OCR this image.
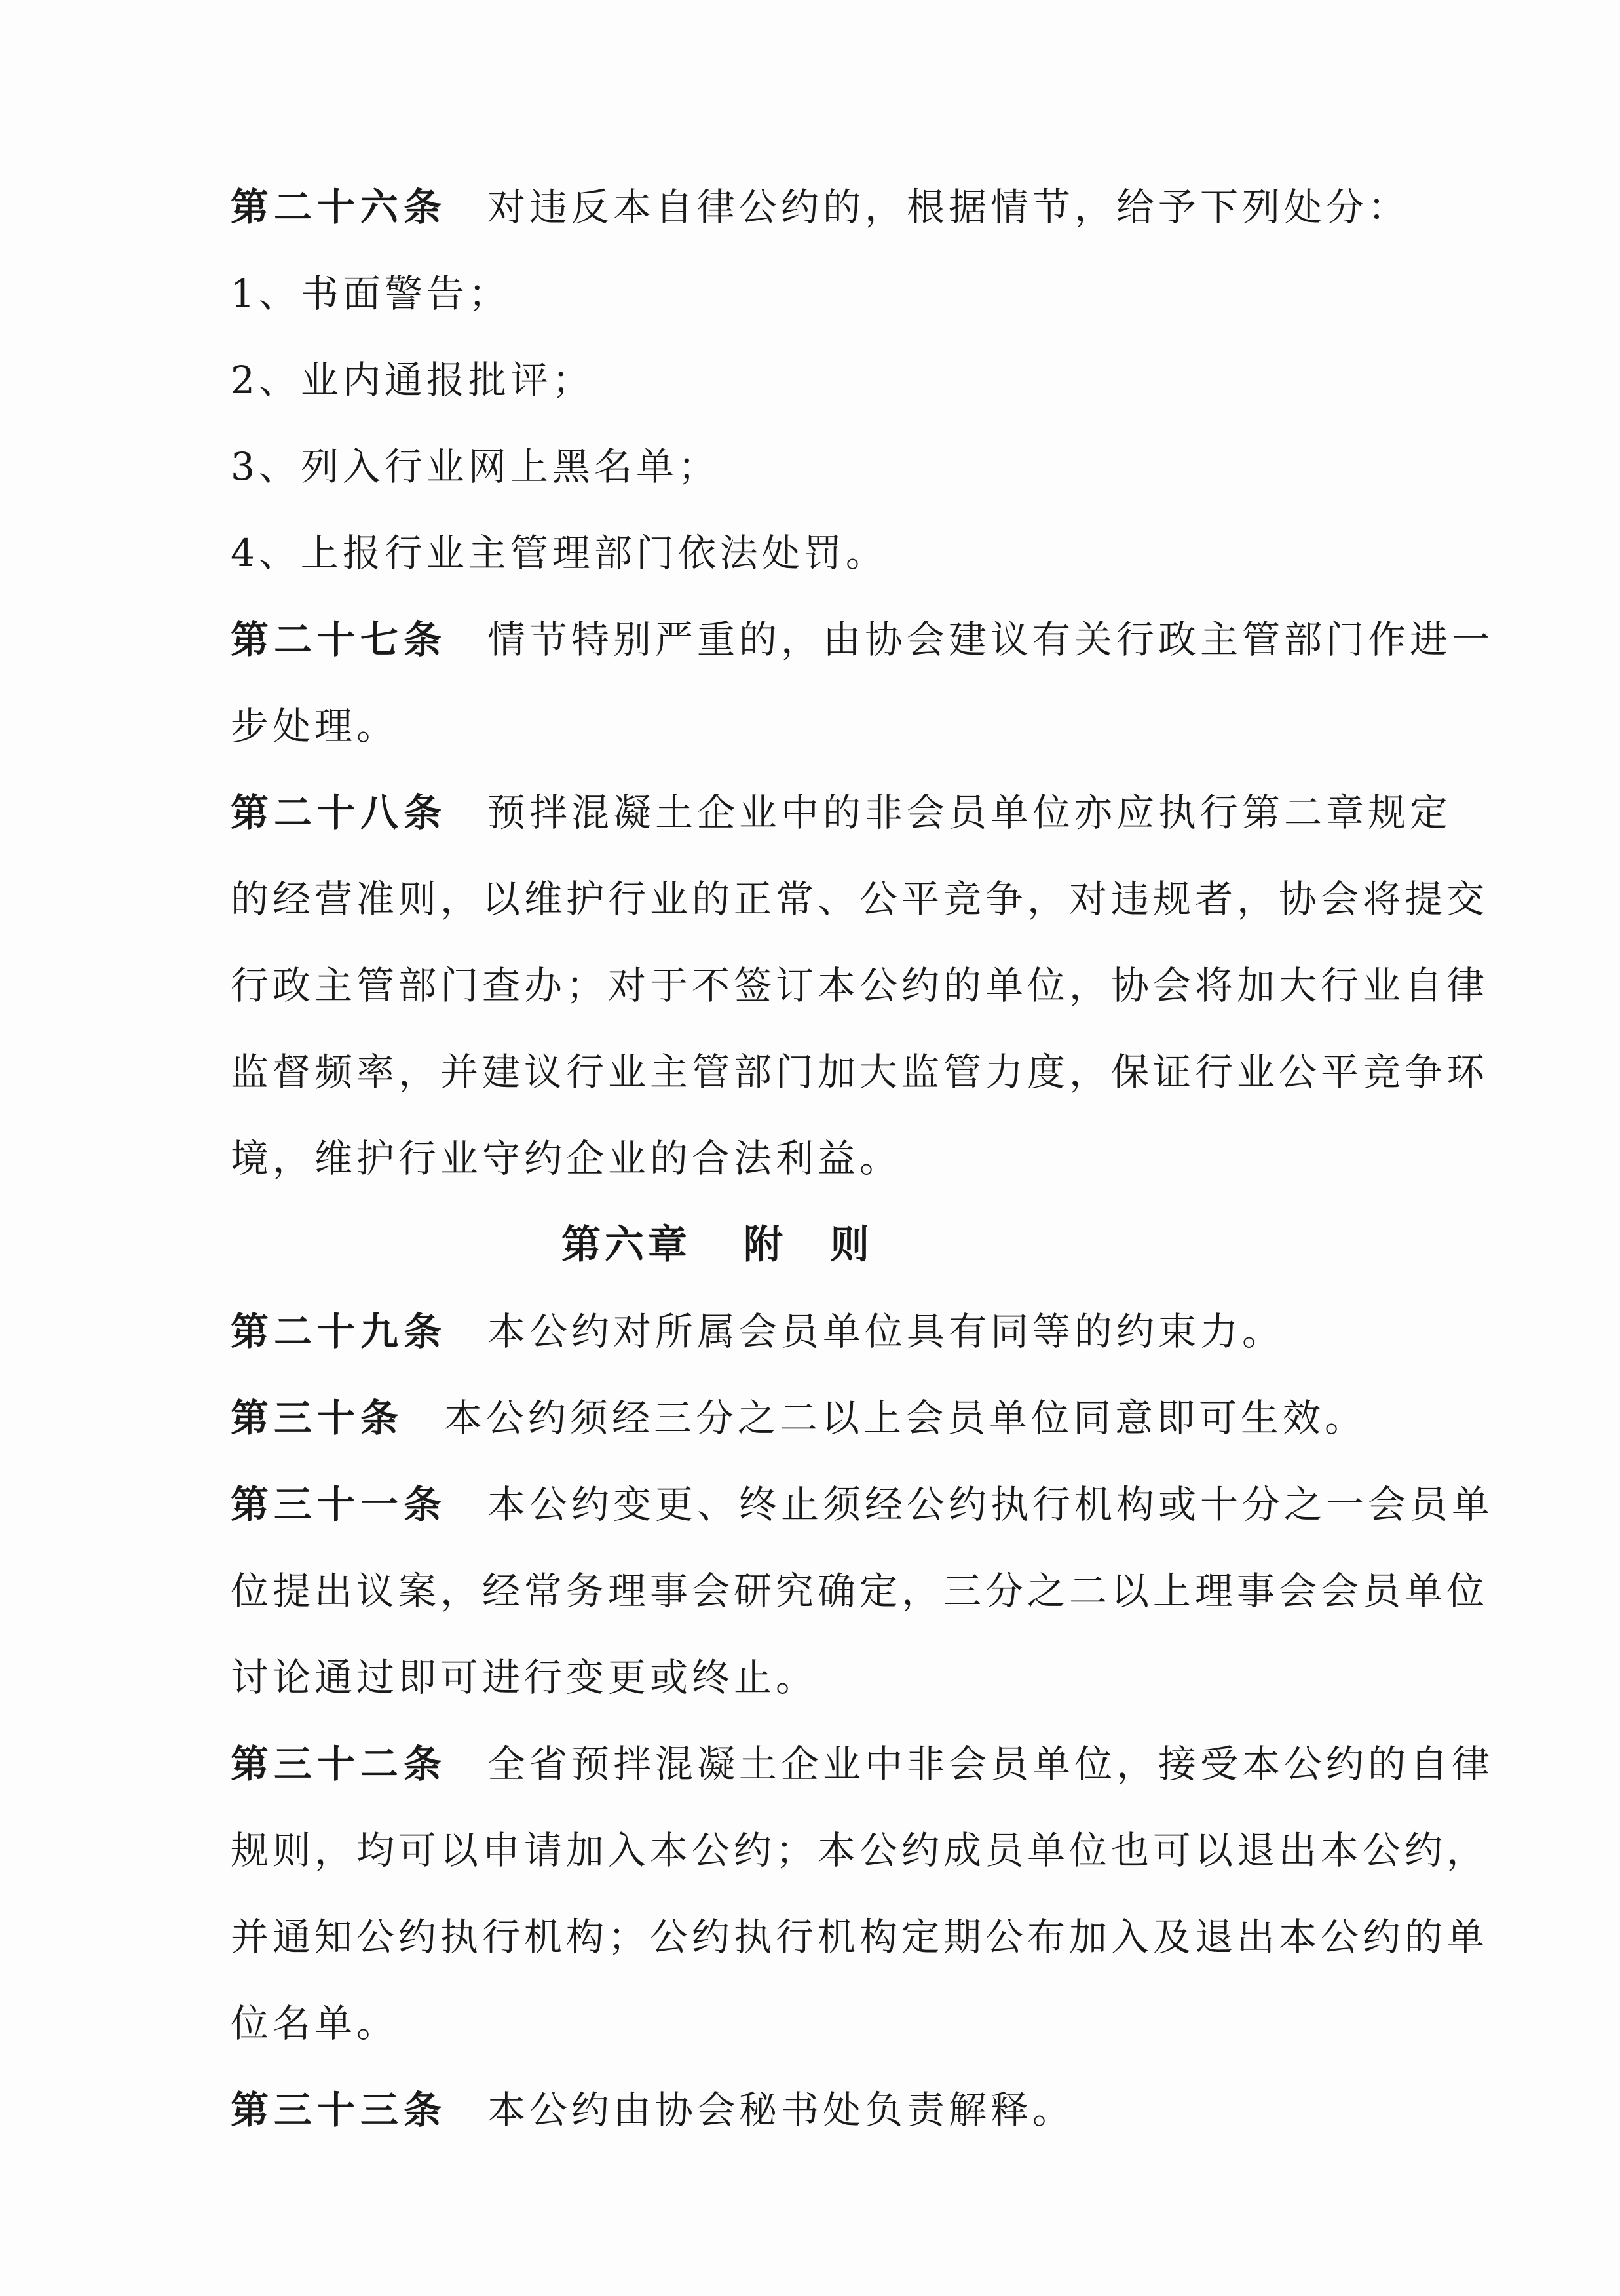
第二十六条 对违反本自律公约的，根据情节，给予下列处分：
1、书面警告；
2、业内通报批评；
3、列入行业网上黑名单；
4、上报行业主管理部门依法处罚。
第二十七条 情节特别严重的，由协会建议有关行政主管部门作进一
步处理。
第二十八条 预拌混凝土企业中的非会员单位亦应执行第二章规定
的经营准则，以维护行业的正常、公平竞争，对违规者，协会将提交
行政主管部门查办；对于不签订本公约的单位，协会将加大行业自律
监督频率，并建议行业主管部门加大监管力度，保证行业公平竞争环
境，维护行业守约企业的合法利益。
第六章 附　则
第二十九条 本公约对所属会员单位具有同等的约束力。
第三十条 本公约须经三分之二以上会员单位同意即可生效。
第三十一条 本公约变更、终止须经公约执行机构或十分之一会员单
位提出议案，经常务理事会研究确定，三分之二以上理事会会员单位
讨论通过即可进行变更或终止。
第三十二条 全省预拌混凝土企业中非会员单位，接受本公约的自律
规则，均可以申请加入本公约；本公约成员单位也可以退出本公约，
并通知公约执行机构；公约执行机构定期公布加入及退出本公约的单
位名单。
第三十三条 本公约由协会秘书处负责解释。
